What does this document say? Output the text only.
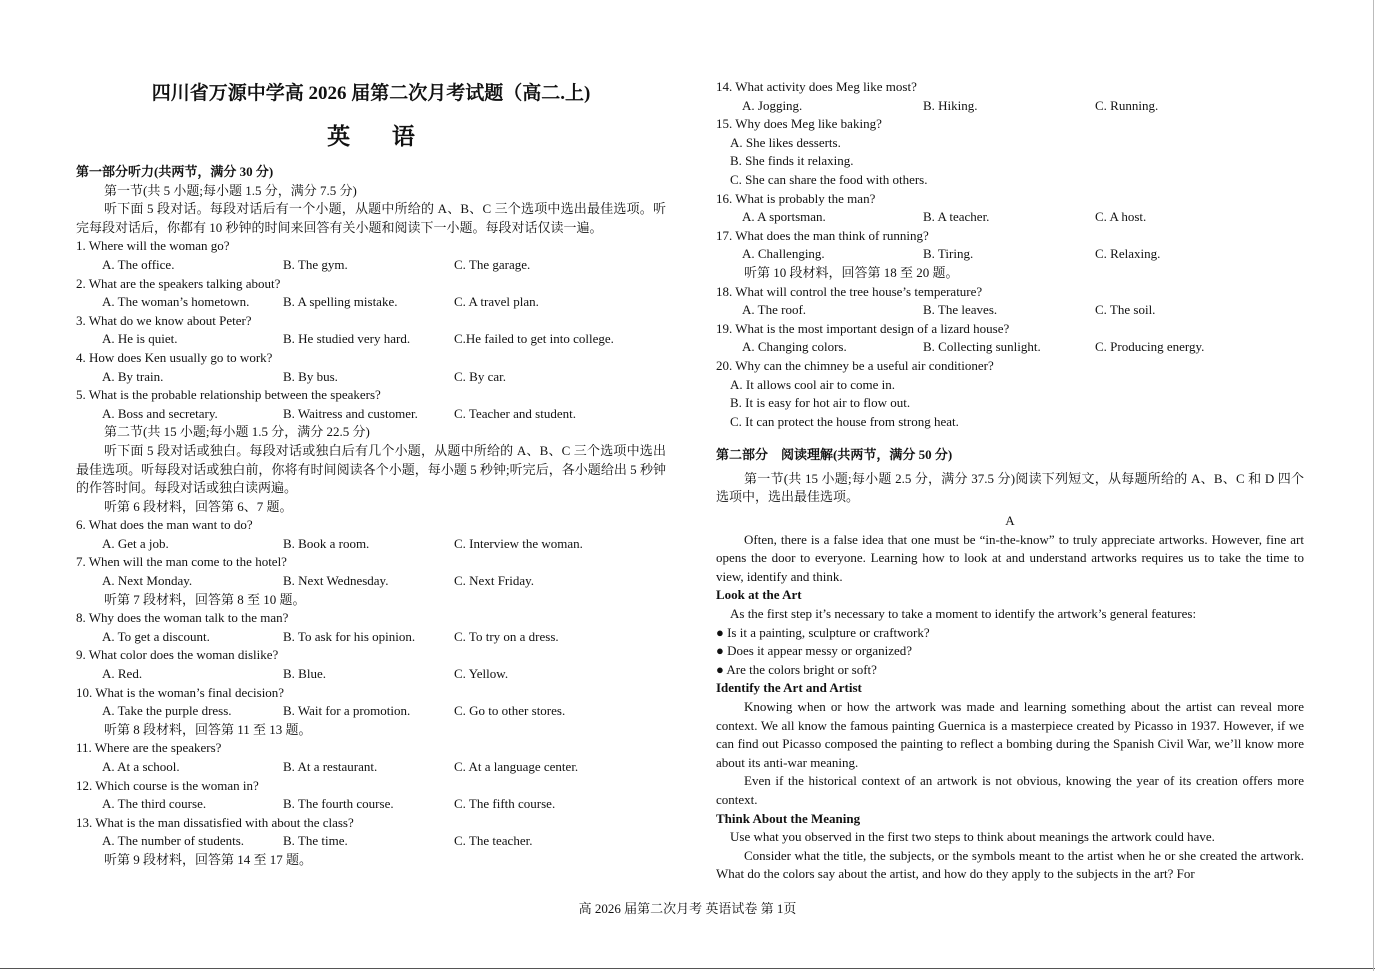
四川省万源中学高 2026 届第二次月考试题（高二.上)
英 语
第一部分听力(共两节，满分 30 分)
第一节(共 5 小题;每小题 1.5 分，满分 7.5 分)
听下面 5 段对话。每段对话后有一个小题，从题中所给的 A、B、C 三个选项中选出最佳选项。听完每段对话后，你都有 10 秒钟的时间来回答有关小题和阅读下一小题。每段对话仅读一遍。
1. Where will the woman go?
A. The office.	B. The gym.	C. The garage.
2. What are the speakers talking about?
A. The woman’s hometown.	B. A spelling mistake.	C. A travel plan.
3. What do we know about Peter?
A. He is quiet.	B. He studied very hard.	C.He failed to get into college.
4. How does Ken usually go to work?
A. By train.	B. By bus.	C. By car.
5. What is the probable relationship between the speakers?
A. Boss and secretary.	B. Waitress and customer.	C. Teacher and student.
第二节(共 15 小题;每小题 1.5 分，满分 22.5 分)
听下面 5 段对话或独白。每段对话或独白后有几个小题，从题中所给的 A、B、C 三个选项中选出最佳选项。听每段对话或独白前，你将有时间阅读各个小题，每小题 5 秒钟;听完后，各小题给出 5 秒钟的作答时间。每段对话或独白读两遍。
听第 6 段材料，回答第 6、7 题。
6. What does the man want to do?
A. Get a job.	B. Book a room.	C. Interview the woman.
7. When will the man come to the hotel?
A. Next Monday.	B. Next Wednesday.	C. Next Friday.
听第 7 段材料，回答第 8 至 10 题。
8. Why does the woman talk to the man?
A. To get a discount.	B. To ask for his opinion.	C. To try on a dress.
9. What color does the woman dislike?
A. Red.	B. Blue.	C. Yellow.
10. What is the woman’s final decision?
A. Take the purple dress.	B. Wait for a promotion.	C. Go to other stores.
听第 8 段材料，回答第 11 至 13 题。
11. Where are the speakers?
A. At a school.	B. At a restaurant.	C. At a language center.
12. Which course is the woman in?
A. The third course.	B. The fourth course.	C. The fifth course.
13. What is the man dissatisfied with about the class?
A. The number of students.	B. The time.	C. The teacher.
听第 9 段材料，回答第 14 至 17 题。
14. What activity does Meg like most?
A. Jogging.	B. Hiking.	C. Running.
15. Why does Meg like baking?
A. She likes desserts.
B. She finds it relaxing.
C. She can share the food with others.
16. What is probably the man?
A. A sportsman.	B. A teacher.	C. A host.
17. What does the man think of running?
A. Challenging.	B. Tiring.	C. Relaxing.
听第 10 段材料，回答第 18 至 20 题。
18. What will control the tree house’s temperature?
A. The roof.	B. The leaves.	C. The soil.
19. What is the most important design of a lizard house?
A. Changing colors.	B. Collecting sunlight.	C. Producing energy.
20. Why can the chimney be a useful air conditioner?
A. It allows cool air to come in.
B. It is easy for hot air to flow out.
C. It can protect the house from strong heat.
第二部分　阅读理解(共两节，满分 50 分)
第一节(共 15 小题;每小题 2.5 分，满分 37.5 分)阅读下列短文，从每题所给的 A、B、C 和 D 四个选项中，选出最佳选项。
A
Often, there is a false idea that one must be “in-the-know” to truly appreciate artworks. However, fine art opens the door to everyone. Learning how to look at and understand artworks requires us to take the time to view, identify and think.
Look at the Art
As the first step it’s necessary to take a moment to identify the artwork’s general features:
● Is it a painting, sculpture or craftwork?
● Does it appear messy or organized?
● Are the colors bright or soft?
Identify the Art and Artist
Knowing when or how the artwork was made and learning something about the artist can reveal more context. We all know the famous painting Guernica is a masterpiece created by Picasso in 1937. However, if we can find out Picasso composed the painting to reflect a bombing during the Spanish Civil War, we’ll know more about its anti-war meaning.
Even if the historical context of an artwork is not obvious, knowing the year of its creation offers more context.
Think About the Meaning
Use what you observed in the first two steps to think about meanings the artwork could have.
Consider what the title, the subjects, or the symbols meant to the artist when he or she created the artwork. What do the colors say about the artist, and how do they apply to the subjects in the art? For
高 2026 届第二次月考 英语试卷 第 1页
